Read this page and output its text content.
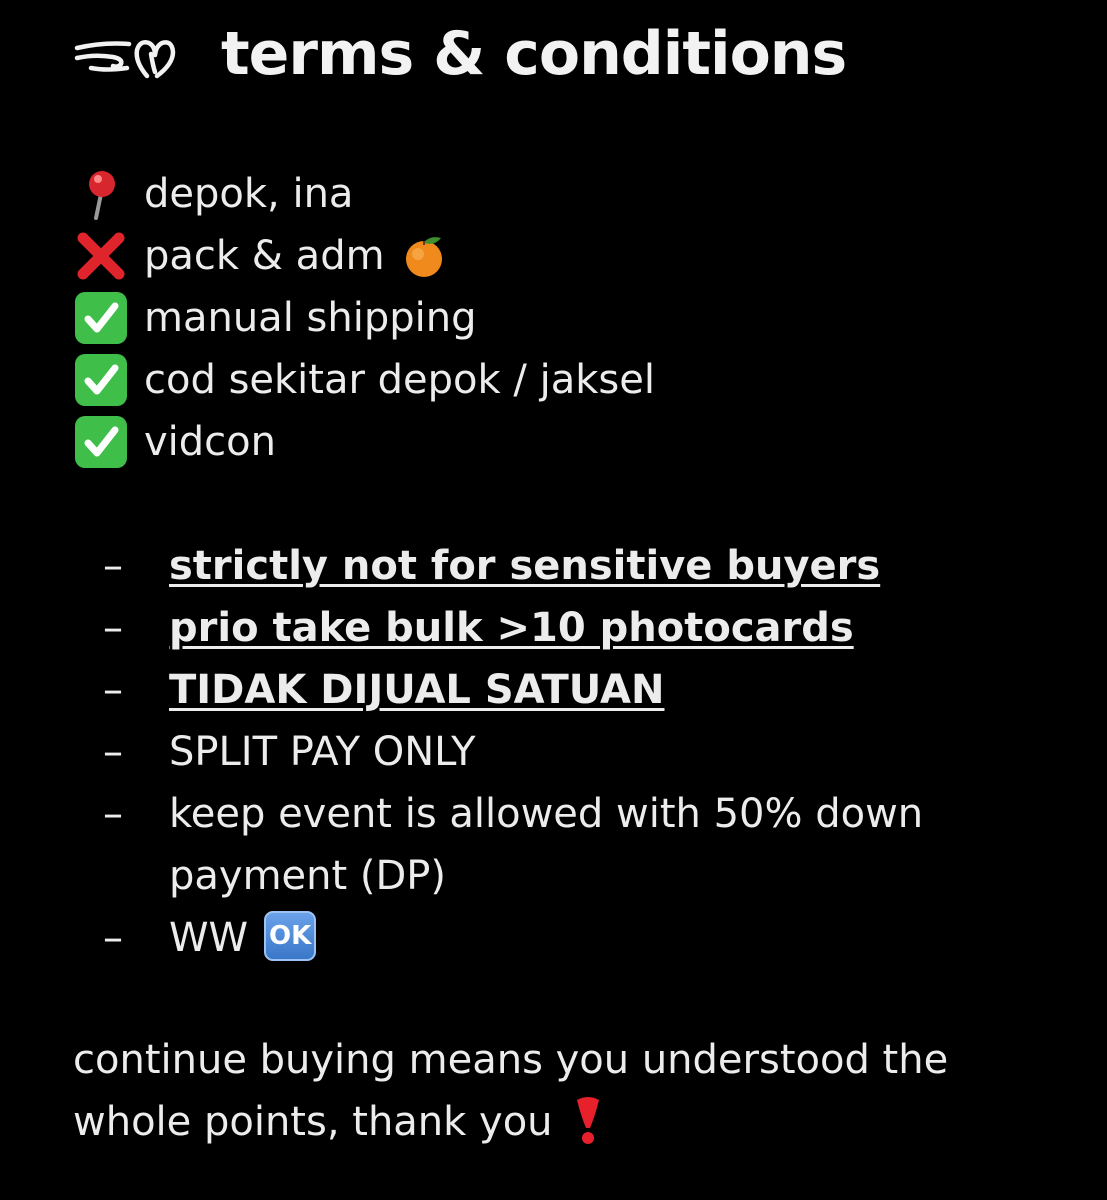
terms & conditions
depok, ina
pack & adm
manual shipping
cod sekitar depok / jaksel
vidcon
–	strictly not for sensitive buyers
–	prio take bulk >10 photocards
–	TIDAK DIJUAL SATUAN
–	SPLIT PAY ONLY
–	keep event is allowed with 50% down payment (DP)
–	WW OK

continue buying means you understood the whole points, thank you
